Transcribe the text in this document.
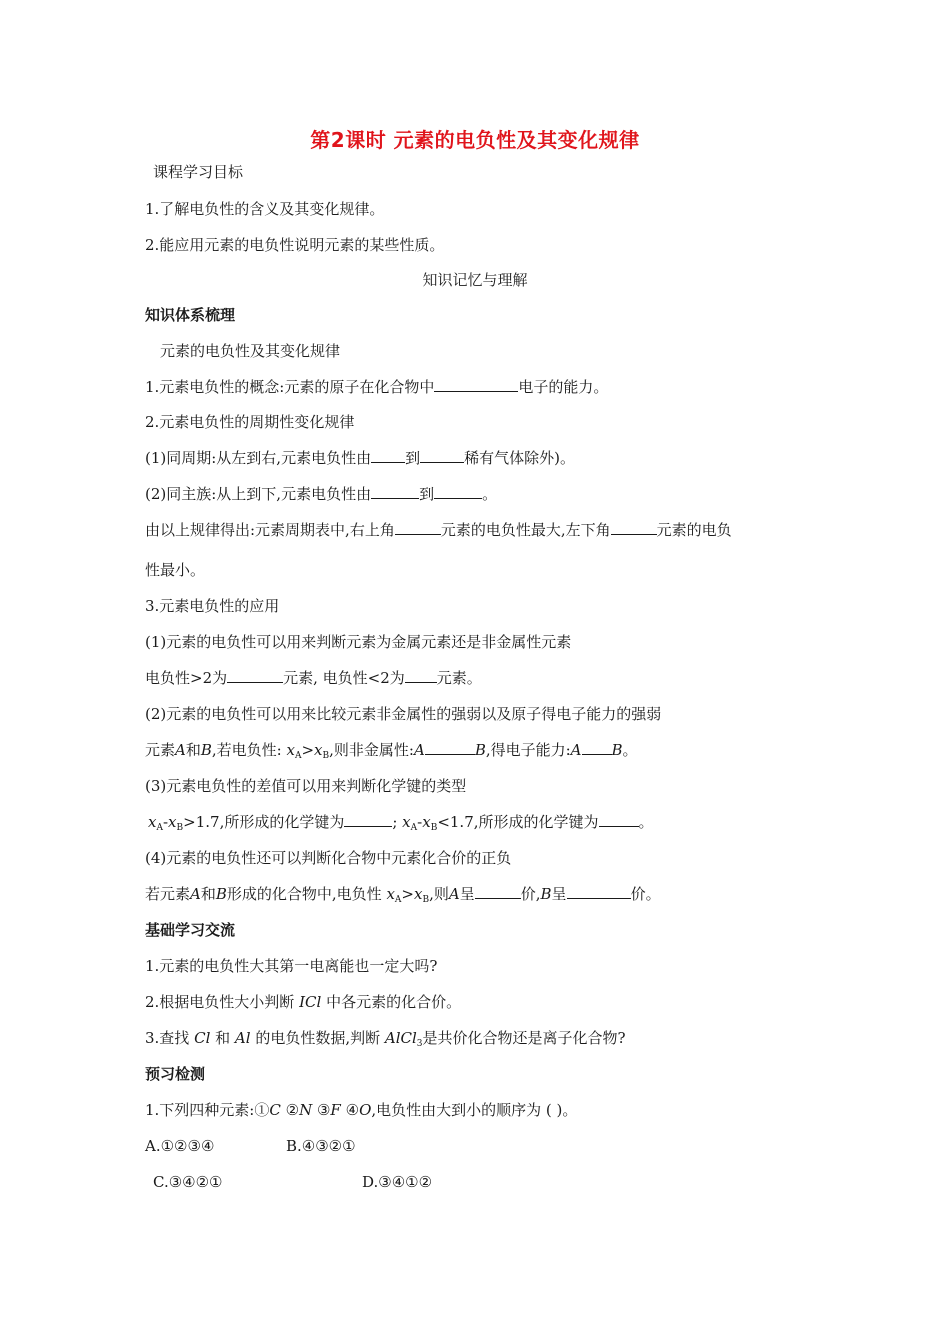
第2课时 元素的电负性及其变化规律
课程学习目标
1.了解电负性的含义及其变化规律。
2.能应用元素的电负性说明元素的某些性质。
知识记忆与理解
知识体系梳理
元素的电负性及其变化规律
1.元素电负性的概念:元素的原子在化合物中	电子的能力。
2.元素电负性的周期性变化规律
(1)同周期:从左到右,元素电负性由 到	稀有气体除外)。
(2)同主族:从上到下,元素电负性由	到	。
由以上规律得出:元素周期表中,右上角	元素的电负性最大,左下角	元素的电负
性最小。
3.元素电负性的应用
(1)元素的电负性可以用来判断元素为金属元素还是非金属性元素
电负性>2为	元素, 电负性<2为 元素。
(2)元素的电负性可以用来比较元素非金属性的强弱以及原子得电子能力的强弱
元素A和B,若电负性: $x_A>x_B$,则非金属性:A	B,得电子能力:A B。
(3)元素电负性的差值可以用来判断化学键的类型
$x_A-x_B>1.7$,所形成的化学键为	; $x_A-x_B<1.7$,所形成的化学键为	。
(4)元素的电负性还可以判断化合物中元素化合价的正负
若元素A和B形成的化合物中,电负性 $x_A>x_B$,则A呈	价,B呈	价。
基础学习交流
1.元素的电负性大其第一电离能也一定大吗?
2.根据电负性大小判断 ICl 中各元素的化合价。
3.查找 Cl 和 Al 的电负性数据,判断 AlCl$_3$是共价化合物还是离子化合物?
预习检测
1.下列四种元素:①C ②N ③F ④O,电负性由大到小的顺序为 ( )。
A.①②③④	B.④③②①
C.③④②①	D.③④①②
